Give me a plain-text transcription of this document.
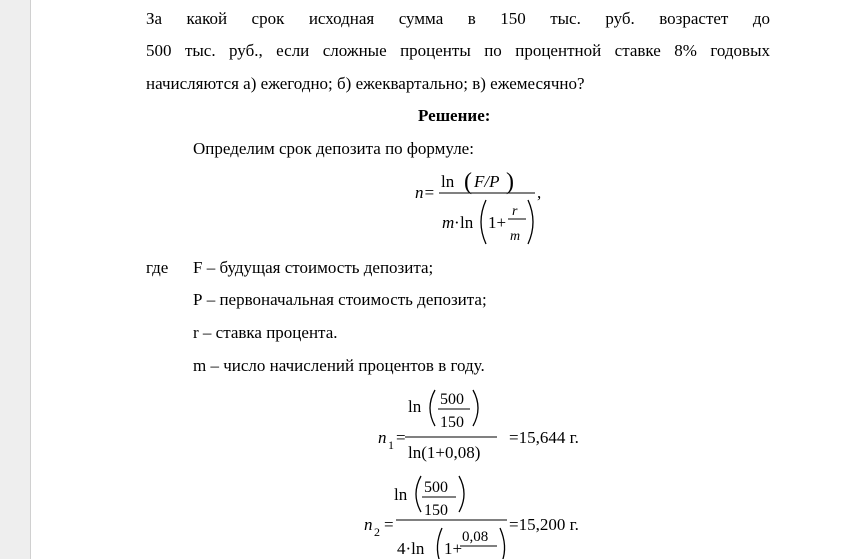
За какой срок исходная сумма в 150 тыс. руб. возрастет до
500 тыс. руб., если сложные проценты по процентной ставке 8% годовых
начисляются а) ежегодно; б) ежеквартально; в) ежемесячно?
Решение:
Определим срок депозита по формуле:
n=
ln ( F/P )
m · ln 1+
r
m
,
где F – будущая стоимость депозита;
Р – первоначальная стоимость депозита;
r – ставка процента.
m – число начислений процентов в году.
n 1 =
ln 500
150
ln(1+0,08)
=15,644 г.
n 2 =
ln 500
150
4·ln 1+
0,08
=15,200 г.
